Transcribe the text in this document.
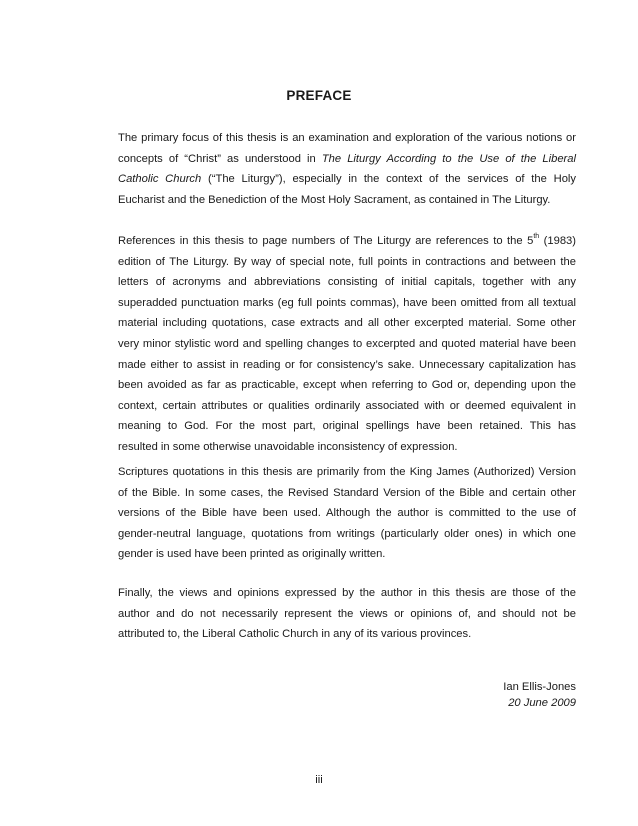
PREFACE
The primary focus of this thesis is an examination and exploration of the various notions or
concepts of “Christ” as understood in The Liturgy According to the Use of the Liberal
Catholic Church (“The Liturgy”), especially in the context of the services of the Holy
Eucharist and the Benediction of the Most Holy Sacrament, as contained in The Liturgy.
References in this thesis to page numbers of The Liturgy are references to the 5th (1983)
edition of The Liturgy. By way of special note, full points in contractions and between the
letters of acronyms and abbreviations consisting of initial capitals, together with any
superadded punctuation marks (eg full points commas), have been omitted from all textual
material including quotations, case extracts and all other excerpted material. Some other
very minor stylistic word and spelling changes to excerpted and quoted material have been
made either to assist in reading or for consistency’s sake. Unnecessary capitalization has
been avoided as far as practicable, except when referring to God or, depending upon the
context, certain attributes or qualities ordinarily associated with or deemed equivalent in
meaning to God. For the most part, original spellings have been retained. This has
resulted in some otherwise unavoidable inconsistency of expression.
Scriptures quotations in this thesis are primarily from the King James (Authorized) Version
of the Bible. In some cases, the Revised Standard Version of the Bible and certain other
versions of the Bible have been used. Although the author is committed to the use of
gender-neutral language, quotations from writings (particularly older ones) in which one
gender is used have been printed as originally written.
Finally, the views and opinions expressed by the author in this thesis are those of the
author and do not necessarily represent the views or opinions of, and should not be
attributed to, the Liberal Catholic Church in any of its various provinces.
Ian Ellis-Jones
20 June 2009
iii
